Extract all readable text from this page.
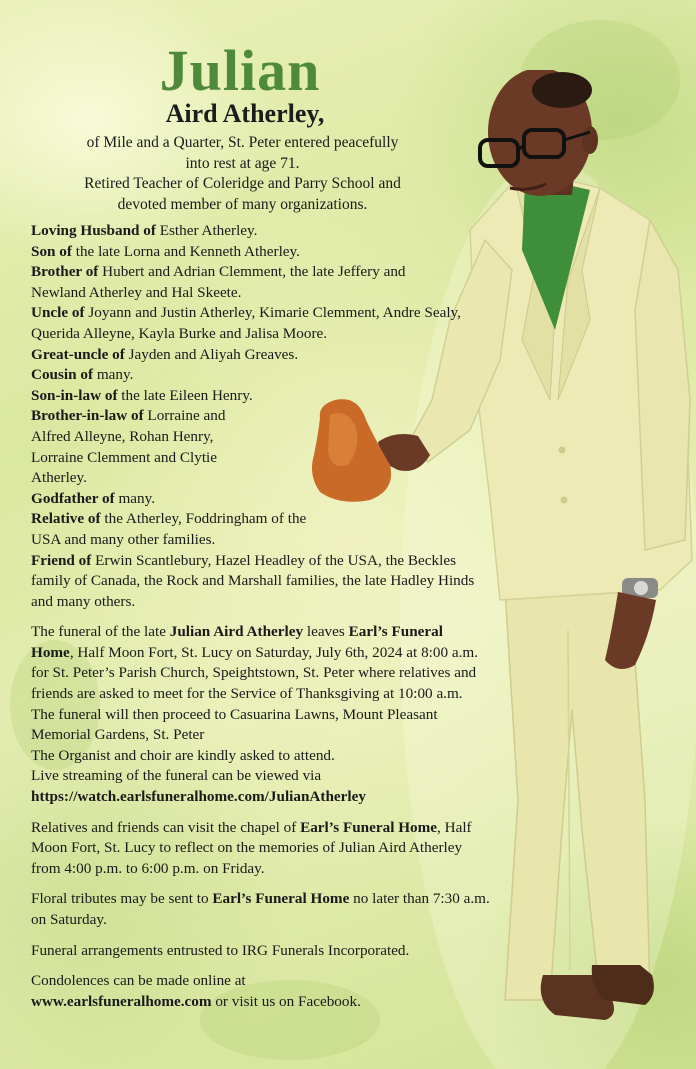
Julian
Aird Atherley,

of Mile and a Quarter, St. Peter entered peacefully

into rest at age 71.

Retired Teacher of Coleridge and Parry School and

devoted member of many organizations.

Loving Husband of Esther Atherley.

Son of the late Lorna and Kenneth Atherley.

Brother of Hubert and Adrian Clemment, the late Jeffery and Newland Atherley and Hal Skeete.

Uncle of Joyann and Justin Atherley, Kimarie Clemment, Andre Sealy, Querida Alleyne, Kayla Burke and Jalisa Moore.

Great-uncle of Jayden and Aliyah Greaves.

Cousin of many.

Son-in-law of the late Eileen Henry.

Brother-in-law of Lorraine and Alfred Alleyne, Rohan Henry, Lorraine Clemment and Clytie Atherley.

Godfather of many.

Relative of the Atherley, Foddringham of the USA and many other families.

Friend of Erwin Scantlebury, Hazel Headley of the USA, the Beckles family of Canada, the Rock and Marshall families, the late Hadley Hinds and many others.

The funeral of the late Julian Aird Atherley leaves Earl’s Funeral Home, Half Moon Fort, St. Lucy on Saturday, July 6th, 2024 at 8:00 a.m. for St. Peter’s Parish Church, Speightstown, St. Peter where relatives and friends are asked to meet for the Service of Thanksgiving at 10:00 a.m.

The funeral will then proceed to Casuarina Lawns, Mount Pleasant Memorial Gardens, St. Peter

The Organist and choir are kindly asked to attend.

Live streaming of the funeral can be viewed via

https://watch.earlsfuneralhome.com/JulianAtherley

Relatives and friends can visit the chapel of Earl’s Funeral Home, Half Moon Fort, St. Lucy to reflect on the memories of Julian Aird Atherley from 4:00 p.m. to 6:00 p.m. on Friday.

Floral tributes may be sent to Earl’s Funeral Home no later than 7:30 a.m. on Saturday.

Funeral arrangements entrusted to IRG Funerals Incorporated.

Condolences can be made online at

www.earlsfuneralhome.com or visit us on Facebook.
